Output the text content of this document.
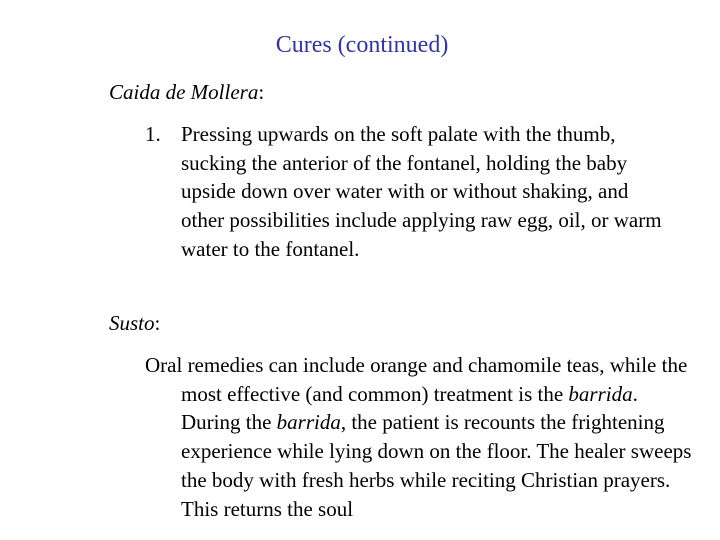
Cures (continued)
Caida de Mollera:
1. Pressing upwards on the soft palate with the thumb, sucking the anterior of the fontanel, holding the baby upside down over water with or without shaking, and other possibilities include applying raw egg, oil, or warm water to the fontanel.
Susto:

Oral remedies can include orange and chamomile teas, while the most effective (and common) treatment is the barrida. During the barrida, the patient is recounts the frightening experience while lying down on the floor. The healer sweeps the body with fresh herbs while reciting Christian prayers. This returns the soul
